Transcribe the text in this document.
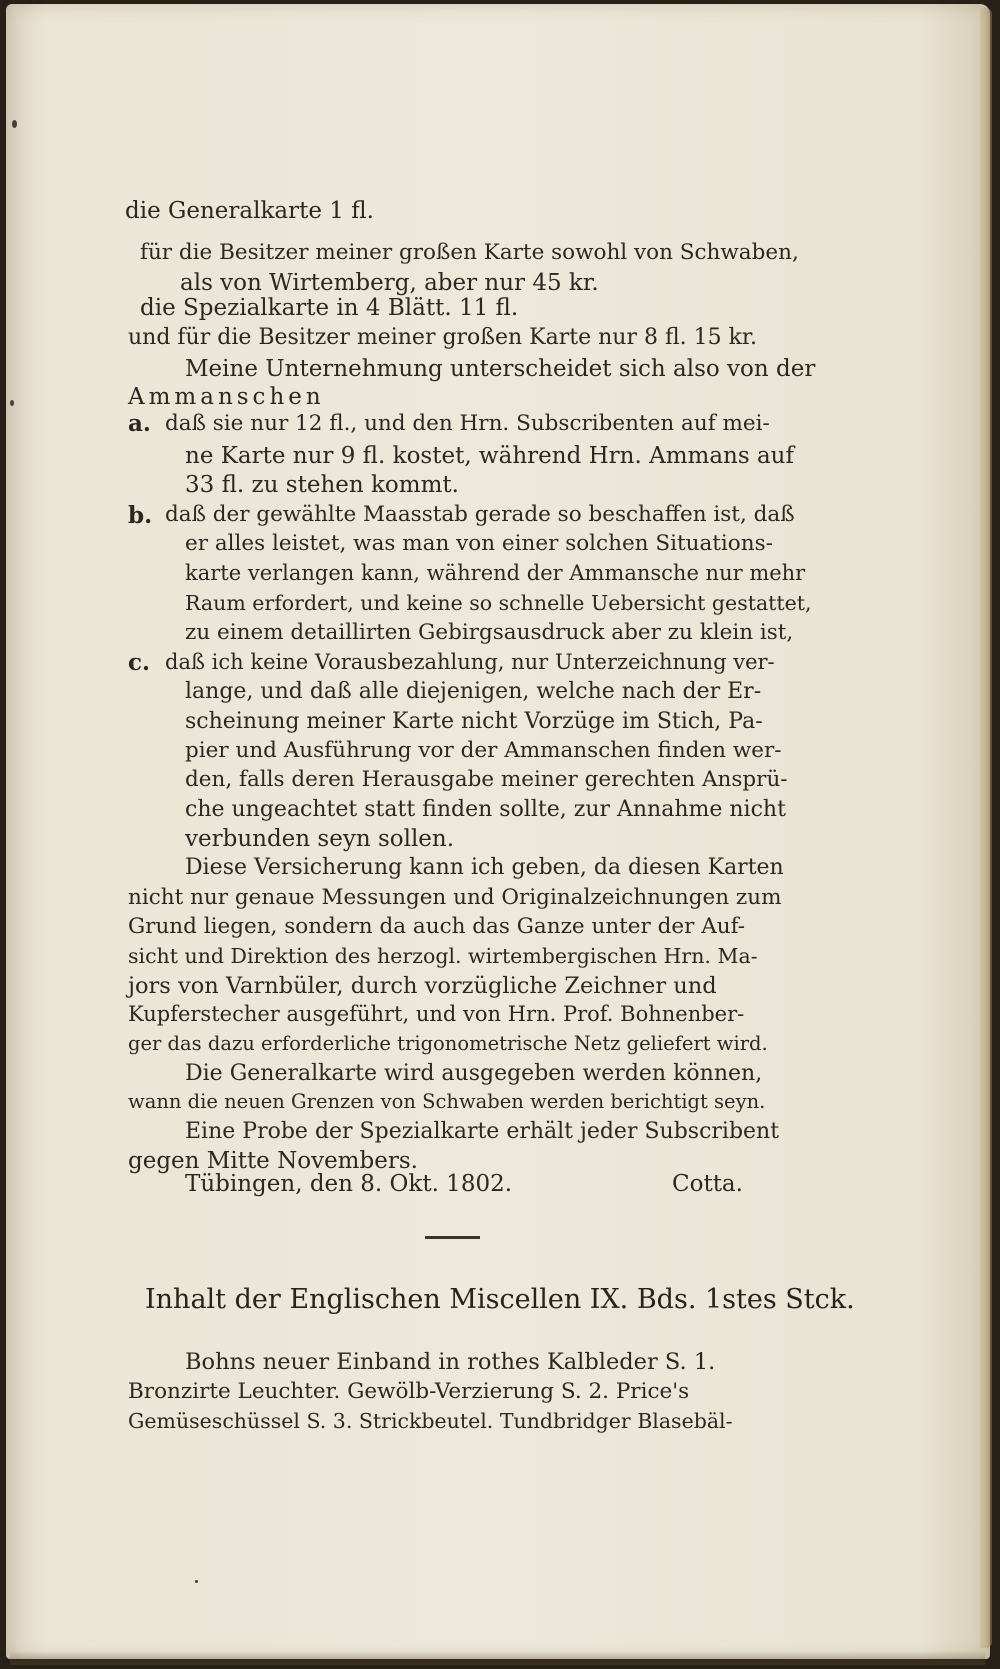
die Generalkarte 1 fl.
für die Besitzer meiner großen Karte sowohl von Schwaben,
als von Wirtemberg, aber nur 45 kr.
die Spezialkarte in 4 Blätt. 11 fl.
und für die Besitzer meiner großen Karte nur 8 fl. 15 kr.
Meine Unternehmung unterscheidet sich also von der
Ammanschen
a. daß sie nur 12 fl., und den Hrn. Subscribenten auf mei-
ne Karte nur 9 fl. kostet, während Hrn. Ammans auf
33 fl. zu stehen kommt.
b. daß der gewählte Maasstab gerade so beschaffen ist, daß
er alles leistet, was man von einer solchen Situations-
karte verlangen kann, während der Ammansche nur mehr
Raum erfordert, und keine so schnelle Uebersicht gestattet,
zu einem detaillirten Gebirgsausdruck aber zu klein ist,
c. daß ich keine Vorausbezahlung, nur Unterzeichnung ver-
lange, und daß alle diejenigen, welche nach der Er-
scheinung meiner Karte nicht Vorzüge im Stich, Pa-
pier und Ausführung vor der Ammanschen finden wer-
den, falls deren Herausgabe meiner gerechten Ansprü-
che ungeachtet statt finden sollte, zur Annahme nicht
verbunden seyn sollen.
Diese Versicherung kann ich geben, da diesen Karten
nicht nur genaue Messungen und Originalzeichnungen zum
Grund liegen, sondern da auch das Ganze unter der Auf-
sicht und Direktion des herzogl. wirtembergischen Hrn. Ma-
jors von Varnbüler, durch vorzügliche Zeichner und
Kupferstecher ausgeführt, und von Hrn. Prof. Bohnenber-
ger das dazu erforderliche trigonometrische Netz geliefert wird.
Die Generalkarte wird ausgegeben werden können,
wann die neuen Grenzen von Schwaben werden berichtigt seyn.
Eine Probe der Spezialkarte erhält jeder Subscribent
gegen Mitte Novembers.
Tübingen, den 8. Okt. 1802.	Cotta.
Inhalt der Englischen Miscellen IX. Bds. 1stes Stck.
Bohns neuer Einband in rothes Kalbleder S. 1.
Bronzirte Leuchter. Gewölb-Verzierung S. 2. Price's
Gemüseschüssel S. 3. Strickbeutel. Tundbridger Blasebäl-
